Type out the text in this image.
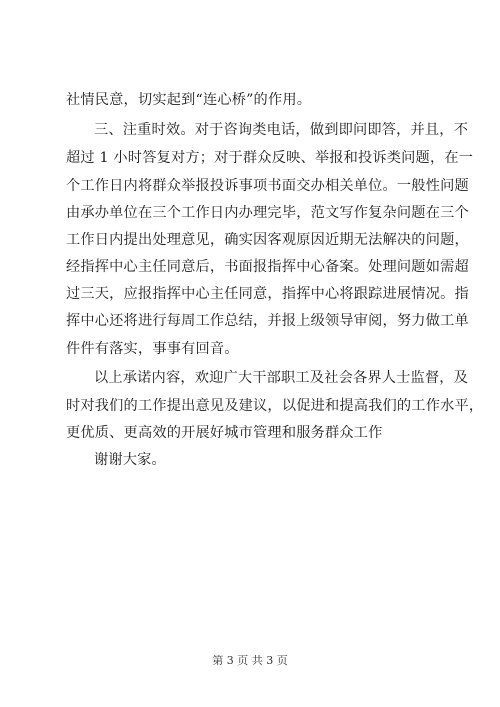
社情民意，切实起到“连心桥”的作用。
三、注重时效。对于咨询类电话，做到即问即答，并且，不
超过 1 小时答复对方；对于群众反映、举报和投诉类问题，在一
个工作日内将群众举报投诉事项书面交办相关单位。一般性问题
由承办单位在三个工作日内办理完毕，范文写作复杂问题在三个
工作日内提出处理意见，确实因客观原因近期无法解决的问题，
经指挥中心主任同意后，书面报指挥中心备案。处理问题如需超
过三天，应报指挥中心主任同意，指挥中心将跟踪进展情况。指
挥中心还将进行每周工作总结，并报上级领导审阅，努力做工单
件件有落实，事事有回音。
以上承诺内容，欢迎广大干部职工及社会各界人士监督，及
时对我们的工作提出意见及建议，以促进和提高我们的工作水平，
更优质、更高效的开展好城市管理和服务群众工作
谢谢大家。
第 3 页 共 3 页
